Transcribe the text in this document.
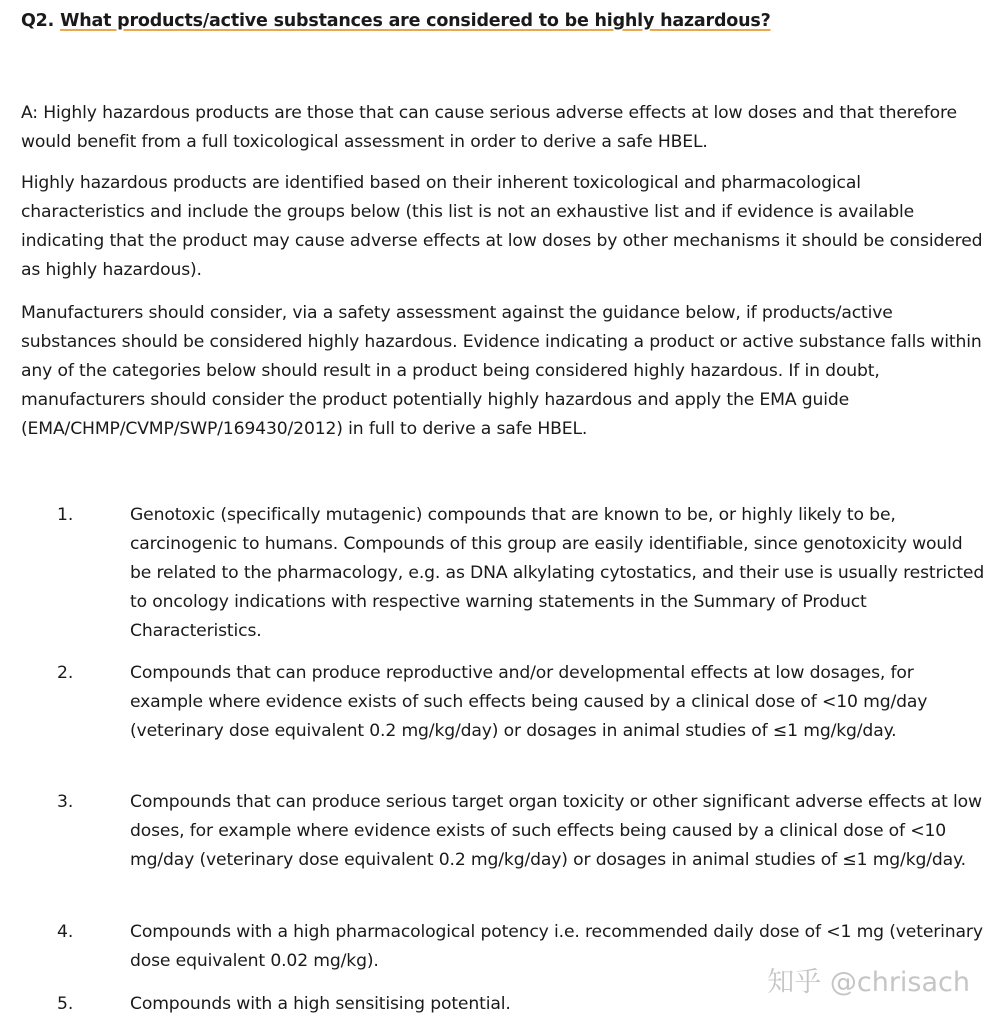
Q2. What products/active substances are considered to be highly hazardous?

A: Highly hazardous products are those that can cause serious adverse effects at low doses and that therefore would benefit from a full toxicological assessment in order to derive a safe HBEL.

Highly hazardous products are identified based on their inherent toxicological and pharmacological characteristics and include the groups below (this list is not an exhaustive list and if evidence is available indicating that the product may cause adverse effects at low doses by other mechanisms it should be considered as highly hazardous).

Manufacturers should consider, via a safety assessment against the guidance below, if products/active substances should be considered highly hazardous. Evidence indicating a product or active substance falls within any of the categories below should result in a product being considered highly hazardous. If in doubt, manufacturers should consider the product potentially highly hazardous and apply the EMA guide (EMA/CHMP/CVMP/SWP/169430/2012) in full to derive a safe HBEL.

1.	Genotoxic (specifically mutagenic) compounds that are known to be, or highly likely to be, carcinogenic to humans. Compounds of this group are easily identifiable, since genotoxicity would be related to the pharmacology, e.g. as DNA alkylating cytostatics, and their use is usually restricted to oncology indications with respective warning statements in the Summary of Product Characteristics.

2.	Compounds that can produce reproductive and/or developmental effects at low dosages, for example where evidence exists of such effects being caused by a clinical dose of <10 mg/day (veterinary dose equivalent 0.2 mg/kg/day) or dosages in animal studies of ≤1 mg/kg/day.

3.	Compounds that can produce serious target organ toxicity or other significant adverse effects at low doses, for example where evidence exists of such effects being caused by a clinical dose of <10 mg/day (veterinary dose equivalent 0.2 mg/kg/day) or dosages in animal studies of ≤1 mg/kg/day.

4.	Compounds with a high pharmacological potency i.e. recommended daily dose of <1 mg (veterinary dose equivalent 0.02 mg/kg).

5.	Compounds with a high sensitising potential.

知乎 @chrisach
